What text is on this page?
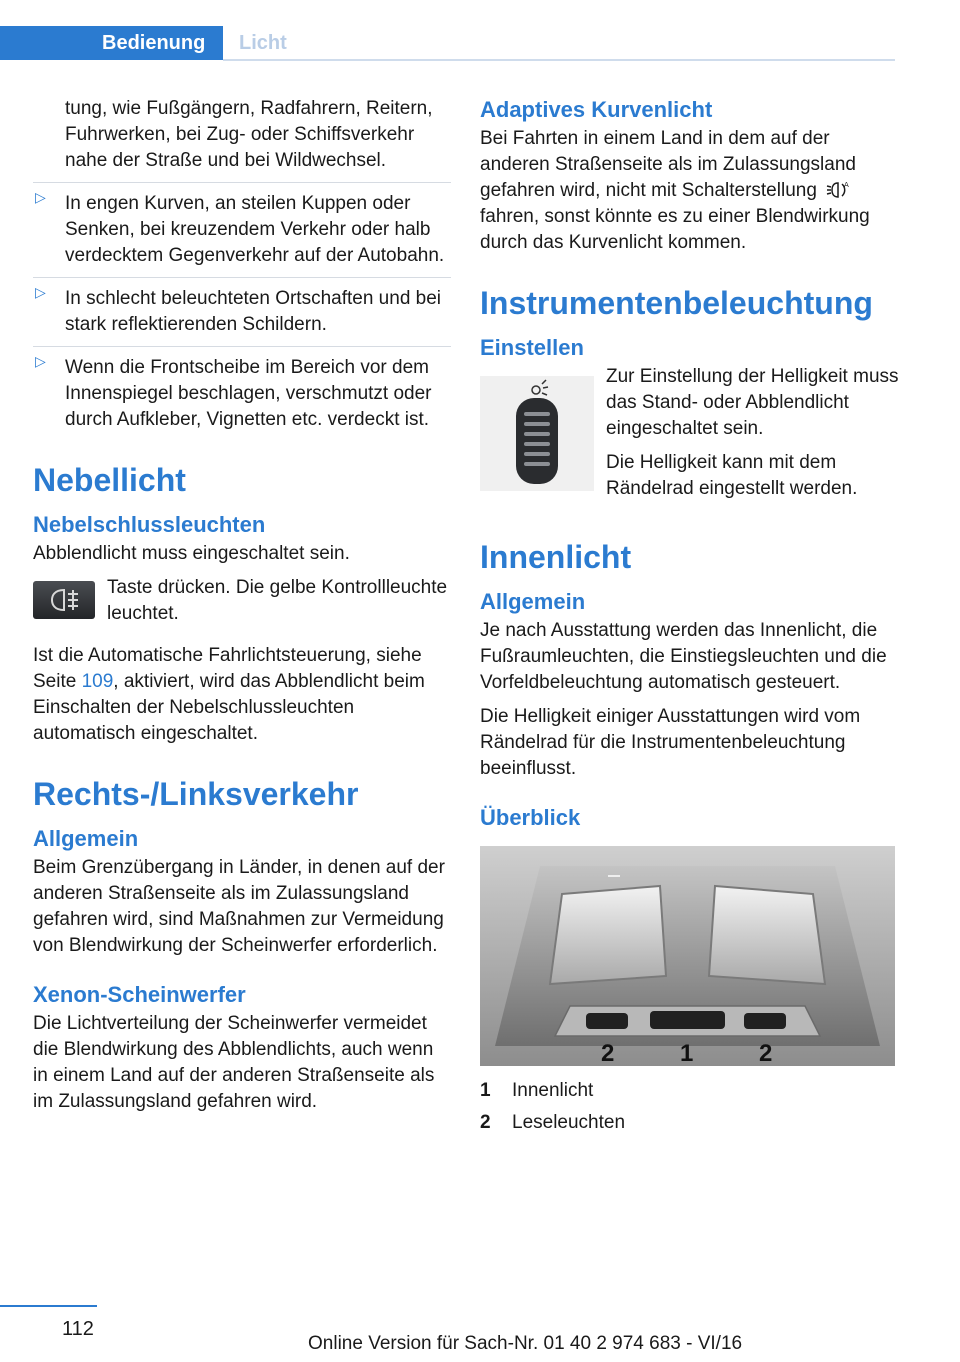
Bedienung	Licht

tung, wie Fußgängern, Radfahrern, Reitern, Fuhrwerken, bei Zug- oder Schiffsverkehr nahe der Straße und bei Wildwechsel.

▷ In engen Kurven, an steilen Kuppen oder Senken, bei kreuzendem Verkehr oder halb verdecktem Gegenverkehr auf der Autobahn.
▷ In schlecht beleuchteten Ortschaften und bei stark reflektierenden Schildern.
▷ Wenn die Frontscheibe im Bereich vor dem Innenspiegel beschlagen, verschmutzt oder durch Aufkleber, Vignetten etc. verdeckt ist.
Nebellicht
Nebelschlussleuchten

Abblendlicht muss eingeschaltet sein.

Taste drücken. Die gelbe Kontrollleuchte leuchtet.

Ist die Automatische Fahrlichtsteuerung, siehe Seite 109, aktiviert, wird das Abblendlicht beim Einschalten der Nebelschlussleuchten automatisch eingeschaltet.

Rechts-/Linksverkehr
Allgemein

Beim Grenzübergang in Länder, in denen auf der anderen Straßenseite als im Zulassungsland gefahren wird, sind Maßnahmen zur Vermeidung von Blendwirkung der Scheinwerfer erforderlich.

Xenon-Scheinwerfer

Die Lichtverteilung der Scheinwerfer vermeidet die Blendwirkung des Abblendlichts, auch wenn in einem Land auf der anderen Straßenseite als im Zulassungsland gefahren wird.

Adaptives Kurvenlicht

Bei Fahrten in einem Land in dem auf der anderen Straßenseite als im Zulassungsland gefahren wird, nicht mit Schalterstellung	A
fahren, sonst könnte es zu einer Blendwirkung durch das Kurvenlicht kommen.

Instrumentenbeleuchtung
Einstellen

Zur Einstellung der Helligkeit muss das Stand- oder Abblendlicht eingeschaltet sein.

Die Helligkeit kann mit dem Rändelrad eingestellt werden.

Innenlicht
Allgemein

Je nach Ausstattung werden das Innenlicht, die Fußraumleuchten, die Einstiegsleuchten und die Vorfeldbeleuchtung automatisch gesteuert.

Die Helligkeit einiger Ausstattungen wird vom Rändelrad für die Instrumentenbeleuchtung beeinflusst.

Überblick
2	1	2
1	Innenlicht
2	Leseleuchten
112
Online Version für Sach-Nr. 01 40 2 974 683 - VI/16
